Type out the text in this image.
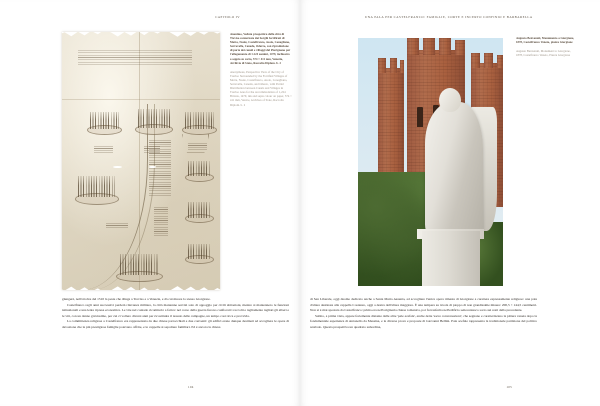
CAPITOLO IV
Anonimo, Veduta prospettica della città di Treviso contornata dai borghi fortificati di Motta, Noale, Castelfranco, Asolo, Conegliano, Serravalle, Ceneda, Oderzo, con riproduzione di parte dei canali e villaggi del Piavignano per l'allagamento di 1.224 uomini, 1479, inchiostro a seppia su carta, 574 × 411 mm, Venezia, Archivio di Stato, Raccolta Diplom. b. 2
Anonymous, Perspective View of the City of Treviso Surrounded by the Fortified Villages of Motta, Noale, Castelfranco, Asolo, Conegliano, Serravalle, Ceneda, and Oderzo, with Partial Distribution between Canals and Villages in Treviso Area for the Accommodation of 1,224 Britons, 1479, ink and sepia colour on paper, 574 × 411 mm, Venice, Archives of State, Raccolta Diplom. b. 2

giungerà, nell'ottobre del 1510 la peste che dilaga a Treviso e a Venezia, e dà cui muore lo stesso Giorgione.

Castelfranco regli anni successivi perderà rilevanza militare, la città mantenne servizi solo di appoggio per civili abitazioni, mentre si mantennero le funzioni istituzionali e una lenta ripresa economica. Le vite nel contado ricominciò a fatica: nel corso della guerra furono confiscati i raccolti e tagliamente tagliati gli alberi e le viti, con un danno gravissimo, per cui ci vollero diversi anni per ricostituire il tessuto delle campagne, un tempo così ricca e provvida.

La committenza religiosa a Castelfranco era rappresentata da due chiese parrocchiali e due conventi: gli edifici erano dunque destinati ad accogliere le opere di devozione che le più prestigiose famiglie potevano offrire, e le cappelle si sepolture familiari. Ed è ancora la chiesa

104
UNA PALA PER CASTELFRANCO: FAMIGLIE, CORTE E INCERTO CONFINIO E BARBARELLA
Augusto Benvenuti, Monumento a Giorgione, 1878, Castelfranco Veneto, piazza Giorgione
Augusto Benvenuti, Monument to Giorgione, 1878, Castelfranco Veneto, Piazza Giorgione

di San Liberale, oggi duomo dedicato anche a Santa Maria Assunta, ad accogliere l'unica opera rimasta di Giorgione a carattere espressamente religioso: una pala d'altare destinata alla cappella Costanzo, oggi a destra dell'altare maggiore. È una tempera su tavola di pioppo di non grandissime misure: 200,5 × 144,5 centimetri. Non si è mai spostata da Castelfranco: prima era nell'originaria chiesa romanica, poi fu trasferita nell'edificio settecentesco sorto sui resti della precedente.

Subito, a prima vista, appare fortemente distante dalle altre 'pale acefale', anche dette 'sacre conversazioni', che segnano e caratterizzano la pittura veneta dopo la fondamentale esperienza di Antonello da Messina, e le diverse prove e proposte di Giovanni Bellini. Pale acefale rappresenta la tradizionale partizione del politico retabolo. Questa prospettiva un quadrato subordina,

105
